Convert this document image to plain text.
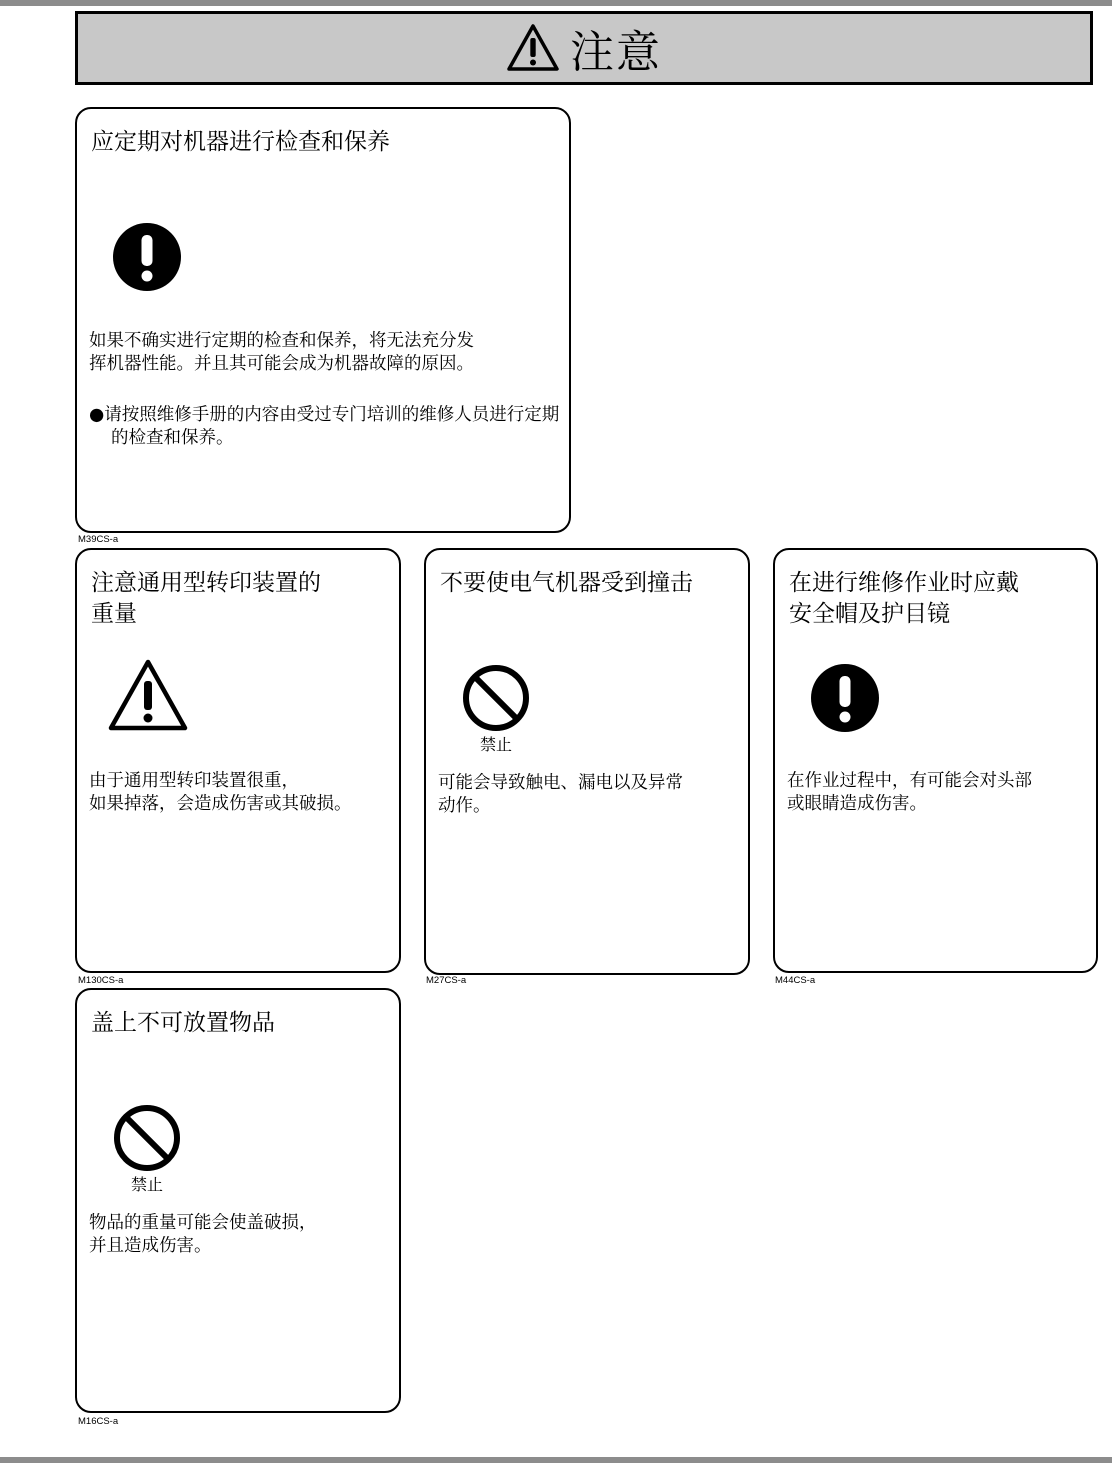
注意
应定期对机器进行检查和保养
如果不确实进行定期的检查和保养，将无法充分发
挥机器性能。并且其可能会成为机器故障的原因。
●请按照维修手册的内容由受过专门培训的维修人员进行定期的检查和保养。
M39CS-a
注意通用型转印装置的
重量
由于通用型转印装置很重，
如果掉落，会造成伤害或其破损。
M130CS-a
不要使电气机器受到撞击
禁止
可能会导致触电、漏电以及异常
动作。
M27CS-a
在进行维修作业时应戴
安全帽及护目镜
在作业过程中，有可能会对头部
或眼睛造成伤害。
M44CS-a
盖上不可放置物品
禁止
物品的重量可能会使盖破损，
并且造成伤害。
M16CS-a
